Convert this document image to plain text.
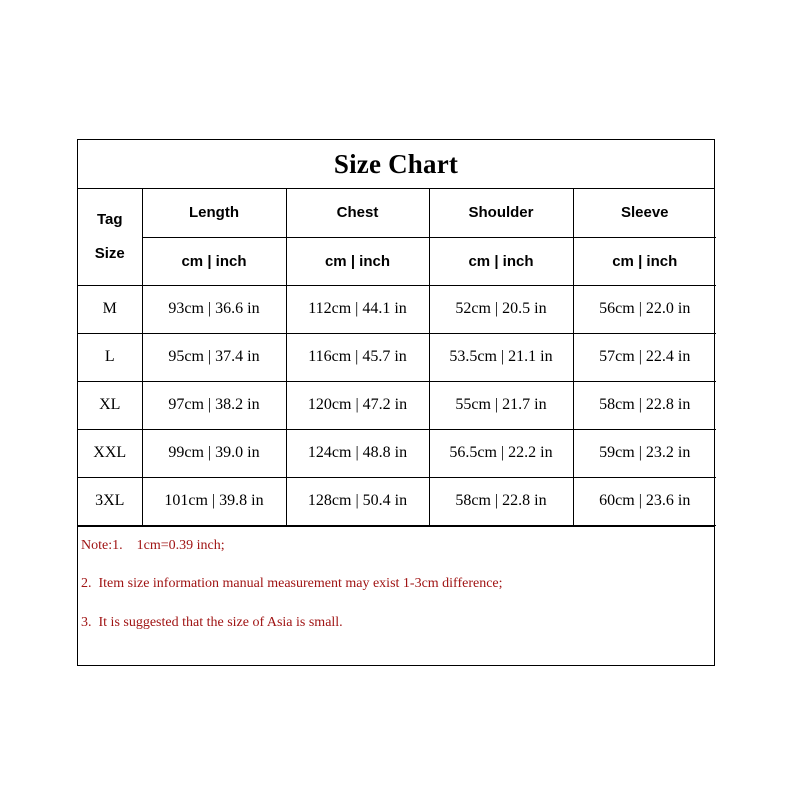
Size Chart
Tag
Size	Length	Chest	Shoulder	Sleeve
	cm | inch	cm | inch	cm | inch	cm | inch
M	93cm | 36.6 in	112cm | 44.1 in	52cm | 20.5 in	56cm | 22.0 in
L	95cm | 37.4 in	116cm | 45.7 in	53.5cm | 21.1 in	57cm | 22.4 in
XL	97cm | 38.2 in	120cm | 47.2 in	55cm | 21.7 in	58cm | 22.8 in
XXL	99cm | 39.0 in	124cm | 48.8 in	56.5cm | 22.2 in	59cm | 23.2 in
3XL	101cm | 39.8 in	128cm | 50.4 in	58cm | 22.8 in	60cm | 23.6 in
Note:1.    1cm=0.39 inch;
2.  Item size information manual measurement may exist 1-3cm difference;
3.  It is suggested that the size of Asia is small.
